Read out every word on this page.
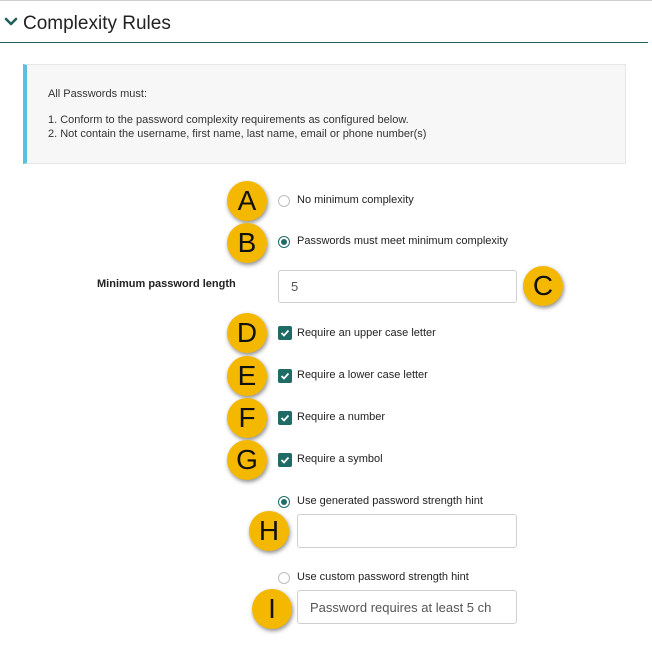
Complexity Rules
All Passwords must:
1. Conform to the password complexity requirements as configured below.
2. Not contain the username, first name, last name, email or phone number(s)
No minimum complexity
Passwords must meet minimum complexity
Minimum password length
5
Require an upper case letter
Require a lower case letter
Require a number
Require a symbol
Use generated password strength hint
Use custom password strength hint
Password requires at least 5 ch
A
B
C
D
E
F
G
H
I
